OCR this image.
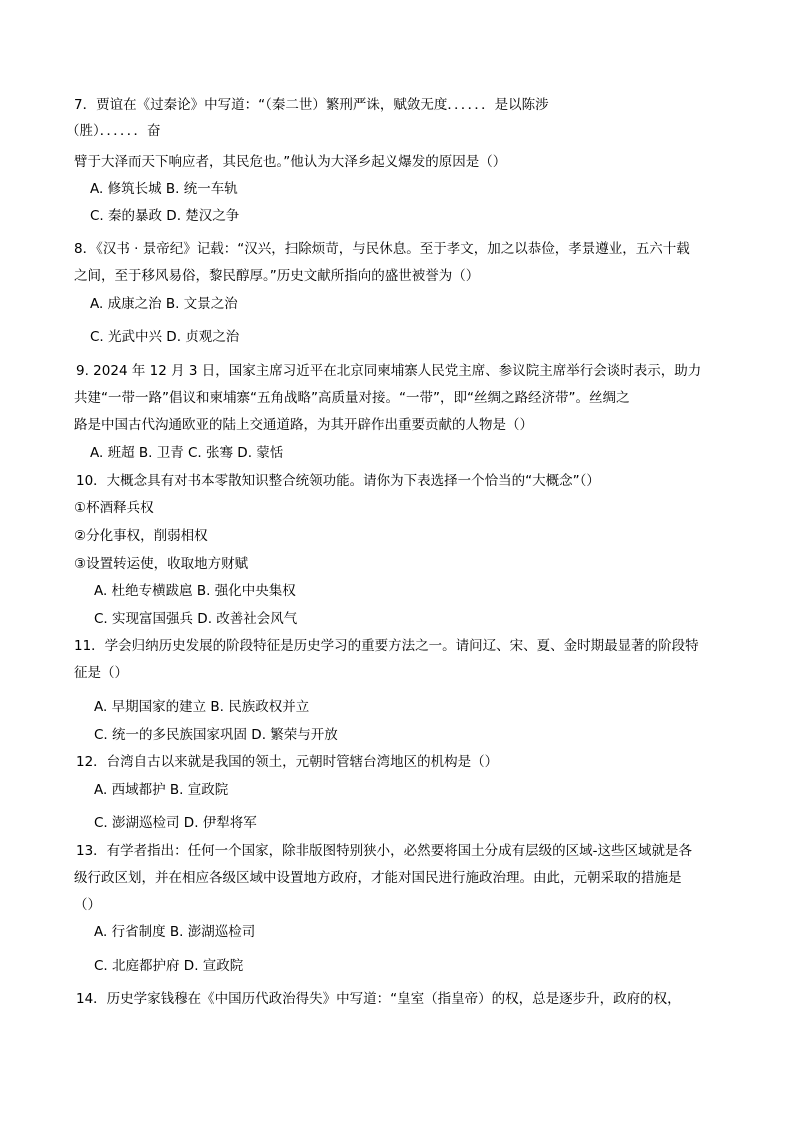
7．贾谊在《过秦论》中写道：“（秦二世）繁刑严诛，赋敛无度．．．．．．是以陈涉
（胜）．．．．．．奋
臂于大泽而天下响应者，其民危也。”他认为大泽乡起义爆发的原因是（）
A. 修筑长城 B. 统一车轨
C. 秦的暴政 D. 楚汉之争
8．《汉书 · 景帝纪》记载：“汉兴，扫除烦苛，与民休息。至于孝文，加之以恭俭，孝景遵业，五六十载
之间，至于移风易俗，黎民醇厚。”历史文献所指向的盛世被誉为（）
A. 成康之治 B. 文景之治
C. 光武中兴 D. 贞观之治
9. 2024 年 12 月 3 日，国家主席习近平在北京同柬埔寨人民党主席、参议院主席举行会谈时表示，助力
共建“一带一路”倡议和柬埔寨“五角战略”高质量对接。“一带”，即“丝绸之路经济带”。丝绸之
路是中国古代沟通欧亚的陆上交通道路，为其开辟作出重要贡献的人物是（）
A. 班超 B. 卫青 C. 张骞 D. 蒙恬
10．大概念具有对书本零散知识整合统领功能。请你为下表选择一个恰当的“大概念”（）
①杯酒释兵权
②分化事权，削弱相权
③设置转运使，收取地方财赋
A. 杜绝专横跋扈 B. 强化中央集权
C. 实现富国强兵 D. 改善社会风气
11．学会归纳历史发展的阶段特征是历史学习的重要方法之一。请问辽、宋、夏、金时期最显著的阶段特
征是（）
A. 早期国家的建立 B. 民族政权并立
C. 统一的多民族国家巩固 D. 繁荣与开放
12．台湾自古以来就是我国的领土，元朝时管辖台湾地区的机构是（）
A. 西域都护 B. 宣政院
C. 澎湖巡检司 D. 伊犁将军
13．有学者指出：任何一个国家，除非版图特别狭小，必然要将国土分成有层级的区域-这些区域就是各
级行政区划，并在相应各级区域中设置地方政府，才能对国民进行施政治理。由此，元朝采取的措施是
（）
A. 行省制度 B. 澎湖巡检司
C. 北庭都护府 D. 宣政院
14．历史学家钱穆在《中国历代政治得失》中写道：“皇室（指皇帝）的权，总是逐步升，政府的权，
